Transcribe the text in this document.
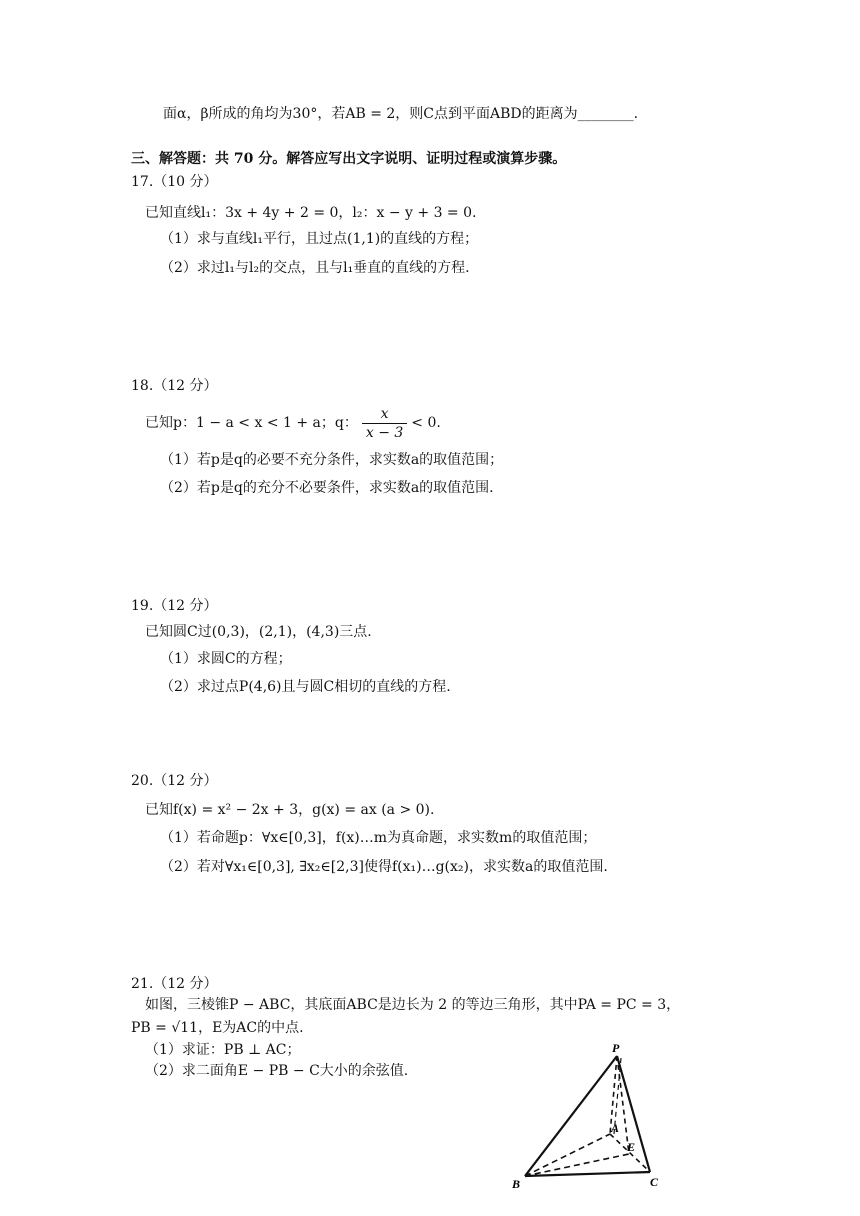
面α，β所成的角均为30°，若AB = 2，则C点到平面ABD的距离为________.
三、解答题：共 70 分。解答应写出文字说明、证明过程或演算步骤。
17.（10 分）
已知直线l₁：3x + 4y + 2 = 0，l₂：x − y + 3 = 0.
（1）求与直线l₁平行，且过点(1,1)的直线的方程；
（2）求过l₁与l₂的交点，且与l₁垂直的直线的方程.
18.（12 分）
已知p：1 − a < x < 1 + a；q： $\frac{x}{x - 3} < 0$.
（1）若p是q的必要不充分条件，求实数a的取值范围；
（2）若p是q的充分不必要条件，求实数a的取值范围.
19.（12 分）
已知圆C过(0,3)，(2,1)，(4,3)三点.
（1）求圆C的方程；
（2）求过点P(4,6)且与圆C相切的直线的方程.
20.（12 分）
已知f(x) = x² − 2x + 3，g(x) = ax (a > 0).
（1）若命题p：∀x∈[0,3]，f(x)…m为真命题，求实数m的取值范围；
（2）若对∀x₁∈[0,3], ∃x₂∈[2,3]使得f(x₁)…g(x₂)，求实数a的取值范围.
21.（12 分）
如图，三棱锥P − ABC，其底面ABC是边长为 2 的等边三角形，其中PA = PC = 3，
PB = √11，E为AC的中点.
（1）求证：PB ⊥ AC；
（2）求二面角E − PB − C大小的余弦值.
P
A
E
B	C
